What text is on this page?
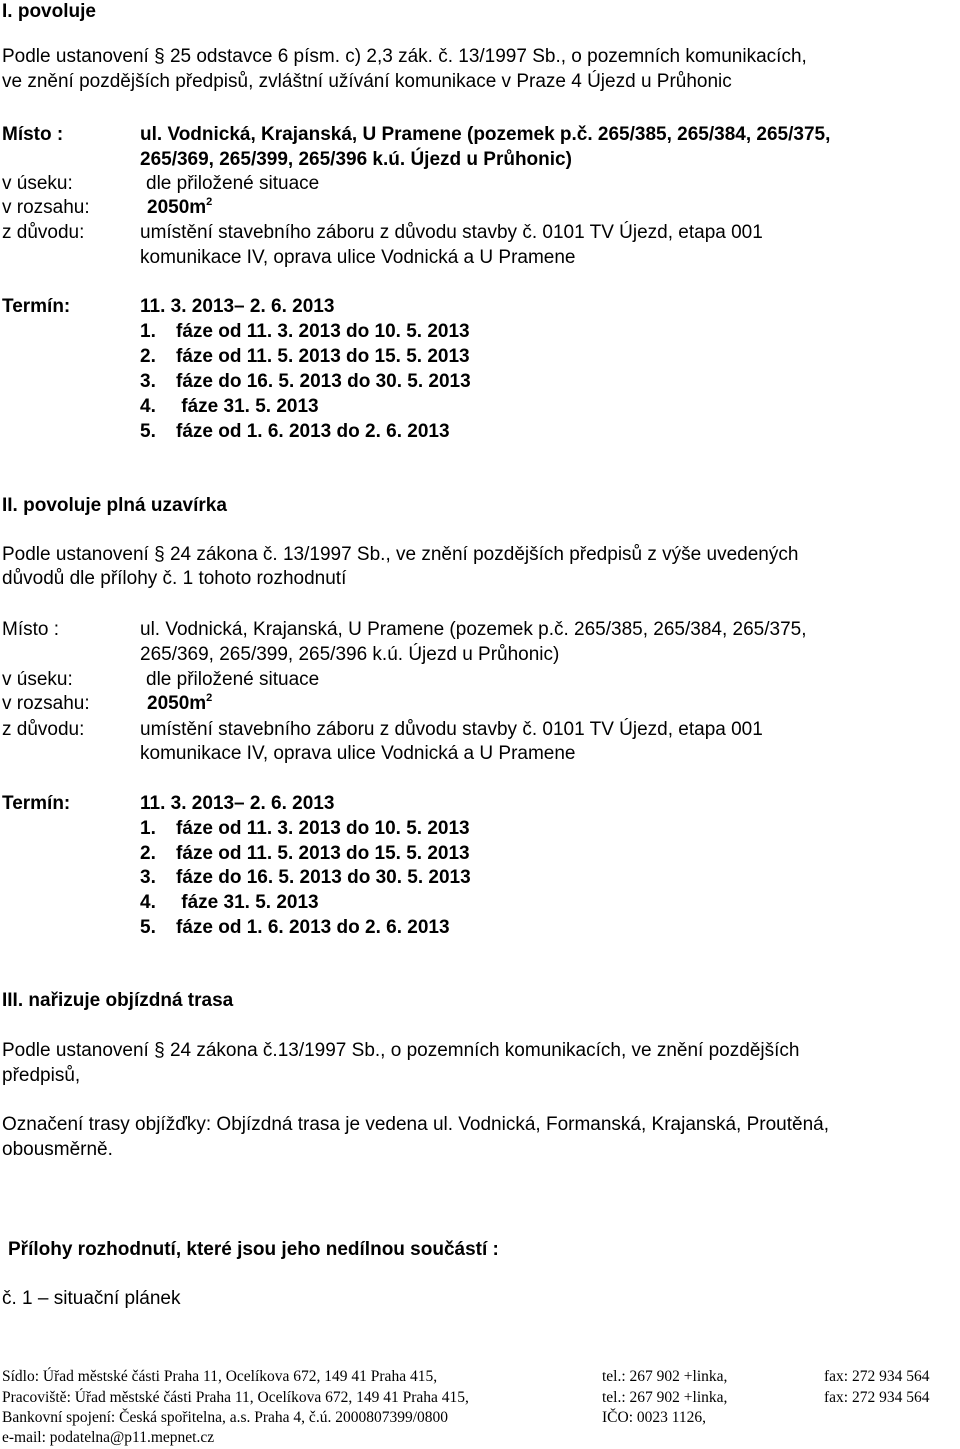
I. povoluje
Podle ustanovení § 25 odstavce 6 písm. c) 2,3 zák. č. 13/1997 Sb., o pozemních komunikacích,
ve znění pozdějších předpisů, zvláštní užívání komunikace v Praze 4 Újezd u Průhonic
Místo :	ul. Vodnická, Krajanská, U Pramene (pozemek p.č. 265/385, 265/384, 265/375,
265/369, 265/399, 265/396 k.ú. Újezd u Průhonic)
v úseku:	dle přiložené situace
v rozsahu:	$2050m^2$
z důvodu:	umístění stavebního záboru z důvodu stavby č. 0101 TV Újezd, etapa 001
komunikace IV, oprava ulice Vodnická a U Pramene
Termín:	11. 3. 2013– 2. 6. 2013
1. fáze od 11. 3. 2013 do 10. 5. 2013
2. fáze od 11. 5. 2013 do 15. 5. 2013
3. fáze do 16. 5. 2013 do 30. 5. 2013
4. fáze 31. 5. 2013
5. fáze od 1. 6. 2013 do 2. 6. 2013
II. povoluje plná uzavírka
Podle ustanovení § 24 zákona č. 13/1997 Sb., ve znění pozdějších předpisů z výše uvedených
důvodů dle přílohy č. 1 tohoto rozhodnutí
Místo :	ul. Vodnická, Krajanská, U Pramene (pozemek p.č. 265/385, 265/384, 265/375,
265/369, 265/399, 265/396 k.ú. Újezd u Průhonic)
v úseku:	dle přiložené situace
v rozsahu:	$2050m^2$
z důvodu:	umístění stavebního záboru z důvodu stavby č. 0101 TV Újezd, etapa 001
komunikace IV, oprava ulice Vodnická a U Pramene
Termín:	11. 3. 2013– 2. 6. 2013
1. fáze od 11. 3. 2013 do 10. 5. 2013
2. fáze od 11. 5. 2013 do 15. 5. 2013
3. fáze do 16. 5. 2013 do 30. 5. 2013
4. fáze 31. 5. 2013
5. fáze od 1. 6. 2013 do 2. 6. 2013
III. nařizuje objízdná trasa
Podle ustanovení § 24 zákona č.13/1997 Sb., o pozemních komunikacích, ve znění pozdějších
předpisů,
Označení trasy objížďky: Objízdná trasa je vedena ul. Vodnická, Formanská, Krajanská, Proutěná,
obousměrně.
Přílohy rozhodnutí, které jsou jeho nedílnou součástí :
č. 1 – situační plánek
Sídlo: Úřad městské části Praha 11, Ocelíkova 672, 149 41 Praha 415,	tel.: 267 902 +linka,	fax: 272 934 564
Pracoviště: Úřad městské části Praha 11, Ocelíkova 672, 149 41 Praha 415,	tel.: 267 902 +linka,	fax: 272 934 564
Bankovní spojení: Česká spořitelna, a.s. Praha 4, č.ú. 2000807399/0800	IČO: 0023 1126,
e-mail: podatelna@p11.mepnet.cz
